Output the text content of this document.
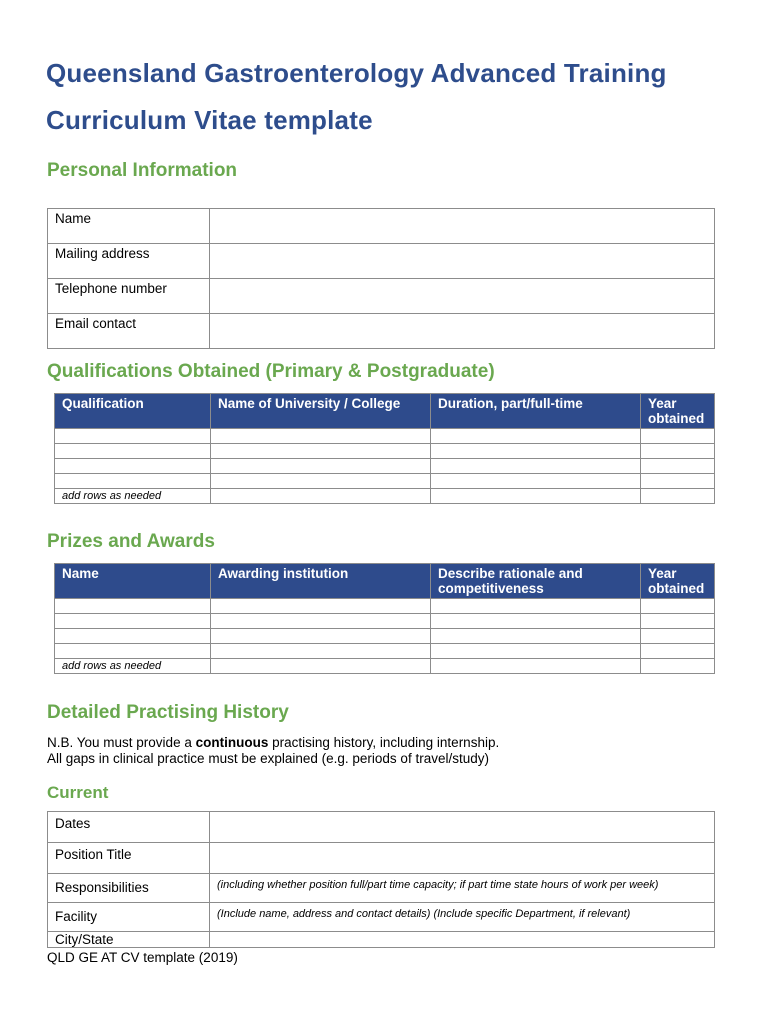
Queensland Gastroenterology Advanced Training
Curriculum Vitae template
Personal Information
Name	
Mailing address	
Telephone number	
Email contact	
Qualifications Obtained (Primary & Postgraduate)
Qualification	Name of University / College	Duration, part/full-time	Year obtained

add rows as needed			
Prizes and Awards
Name	Awarding institution	Describe rationale and competitiveness	Year obtained

add rows as needed			
Detailed Practising History
N.B. You must provide a continuous practising history, including internship.
All gaps in clinical practice must be explained (e.g. periods of travel/study)
Current
Dates	
Position Title	
Responsibilities	(including whether position full/part time capacity; if part time state hours of work per week)
Facility	(Include name, address and contact details) (Include specific Department, if relevant)
City/State	
QLD GE AT CV template (2019)
